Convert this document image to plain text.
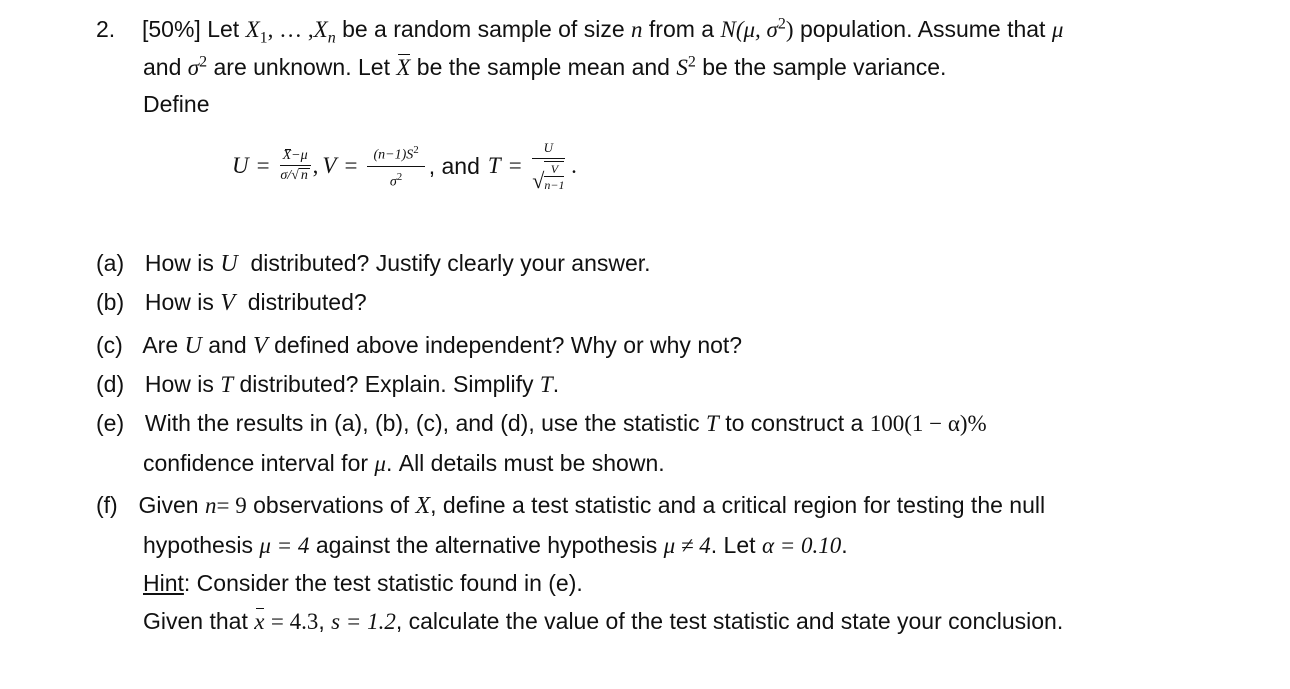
2. [50%] Let $X_1$, … $,X_n$ be a random sample of size n from a N(μ, $\sigma^2$) population. Assume that μ
and $\sigma^2$ are unknown. Let X be the sample mean and $S^2$ be the sample variance.
Define
$U = \frac{X-\mu}{\sigma/√ n}$ , $V = \frac{(n-1)S^2}{\sigma^2}$ , and $T = \frac{U}{√ \frac{V}{n-1}}$ .
(a) How is U distributed? Justify clearly your answer.
(b) How is V distributed?
(c) Are U and V defined above independent? Why or why not?
(d) How is T distributed? Explain. Simplify T.
(e) With the results in (a), (b), (c), and (d), use the statistic T to construct a 100(1 − α)%
confidence interval for μ. All details must be shown.
(f) Given n= 9 observations of X, define a test statistic and a critical region for testing the null
hypothesis μ = 4 against the alternative hypothesis μ ≠ 4. Let α = 0.10.
Hint: Consider the test statistic found in (e).
Given that x = 4.3, s = 1.2, calculate the value of the test statistic and state your conclusion.
